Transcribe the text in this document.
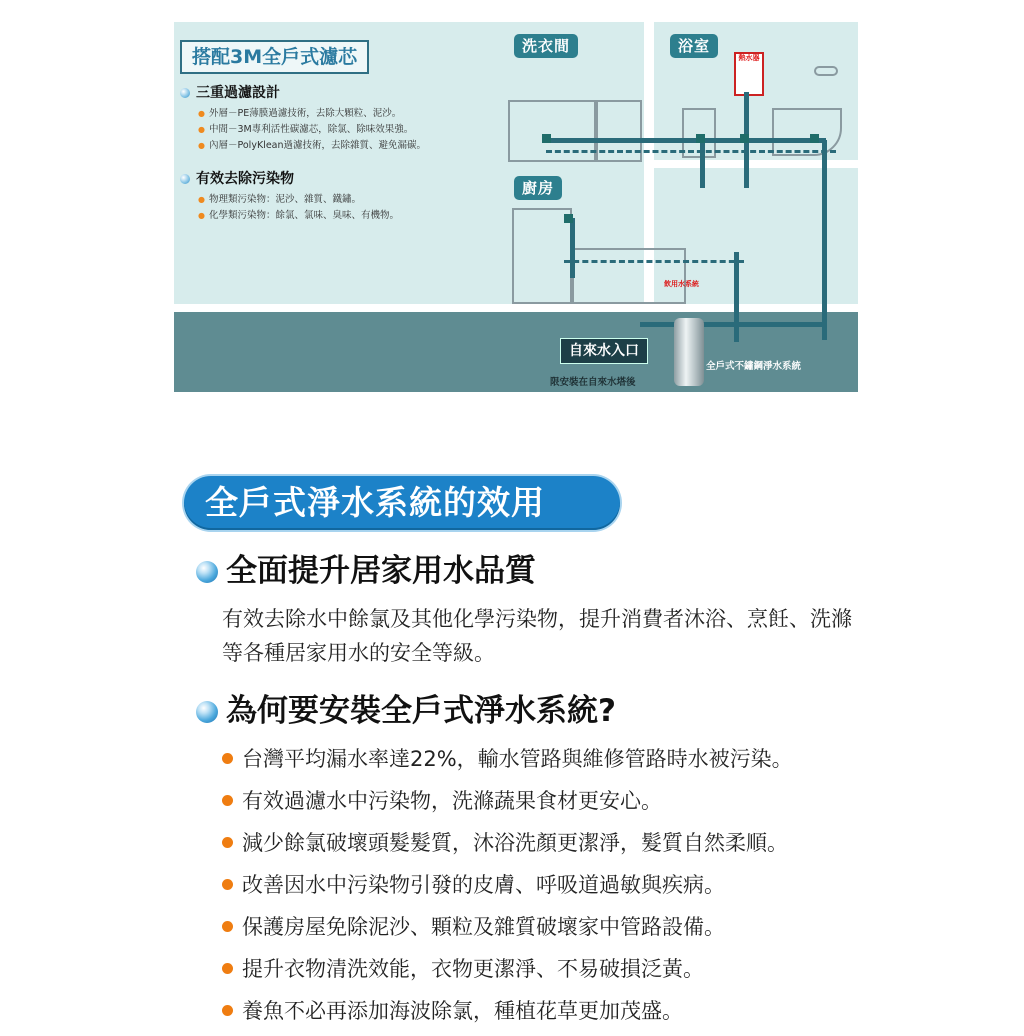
搭配3M全戶式濾芯
三重過濾設計
● 外層－PE薄膜過濾技術，去除大顆粒、泥沙。
● 中間－3M專利活性碳濾芯，除氯、除味效果強。
● 內層－PolyKlean過濾技術，去除雜質、避免漏碳。
有效去除污染物
● 物理類污染物：泥沙、雜質、鐵鏽。
● 化學類污染物：餘氯、氯味、臭味、有機物。
洗衣間	浴室
廚房
熱水器
飲用水系統
自來水入口
限安裝在自來水塔後
全戶式不鏽鋼淨水系統
全戶式淨水系統的效用
全面提升居家用水品質

有效去除水中餘氯及其他化學污染物，提升消費者沐浴、烹飪、洗滌等各種居家用水的安全等級。

為何要安裝全戶式淨水系統?
台灣平均漏水率達22%，輸水管路與維修管路時水被污染。
有效過濾水中污染物，洗滌蔬果食材更安心。
減少餘氯破壞頭髮髮質，沐浴洗顏更潔淨，髮質自然柔順。
改善因水中污染物引發的皮膚、呼吸道過敏與疾病。
保護房屋免除泥沙、顆粒及雜質破壞家中管路設備。
提升衣物清洗效能，衣物更潔淨、不易破損泛黃。
養魚不必再添加海波除氯，種植花草更加茂盛。
